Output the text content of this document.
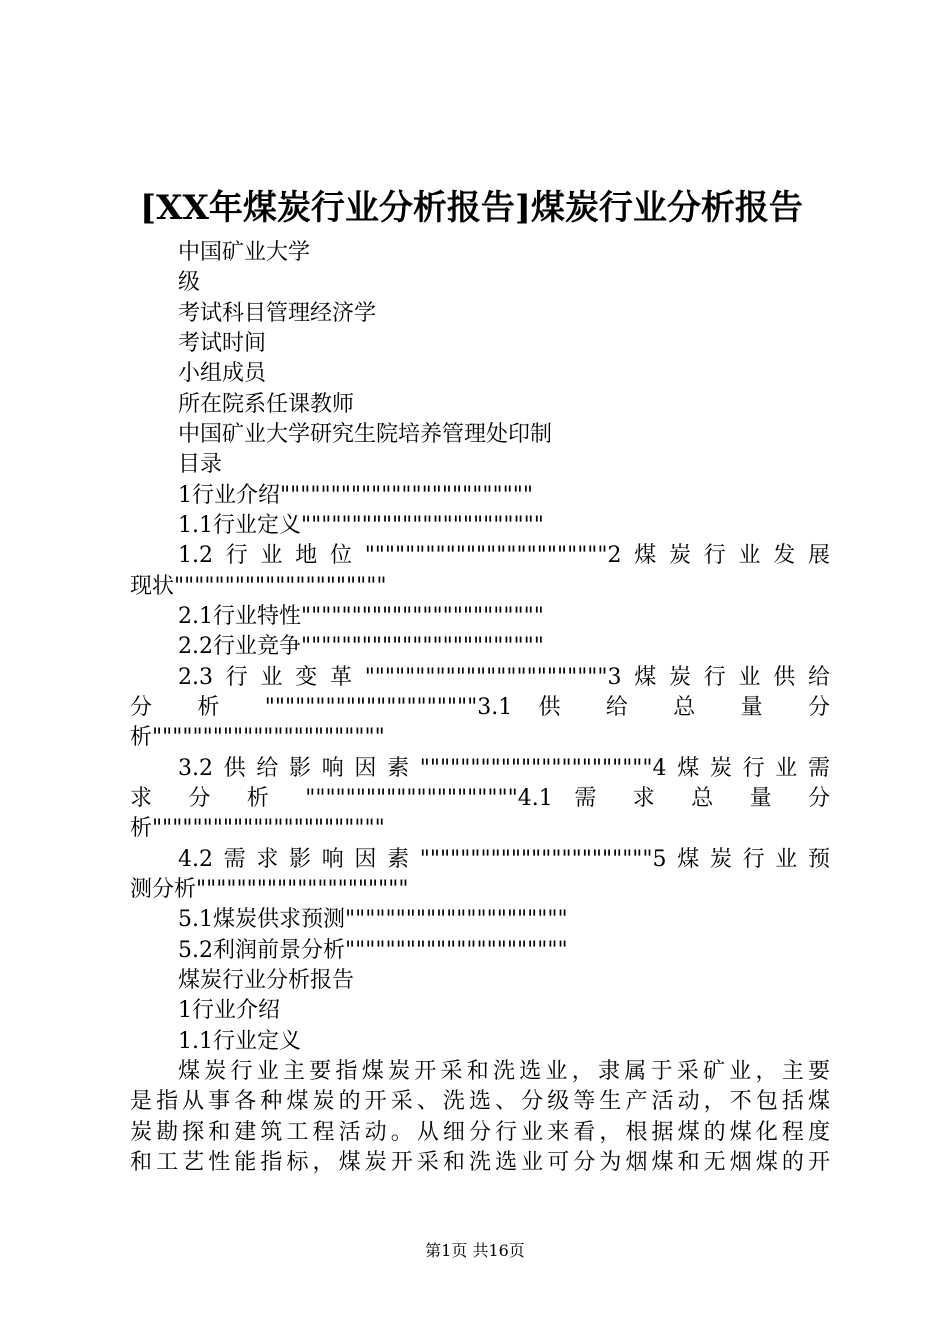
[XX年煤炭行业分析报告]煤炭行业分析报告
中国矿业大学
级
考试科目管理经济学
考试时间
小组成员
所在院系任课教师
中国矿业大学研究生院培养管理处印制
目录
1行业介绍"""""""""""""""""""""""""
1.1行业定义""""""""""""""""""""""""
1.2行业地位""""""""""""""""""""""""2煤炭行业发展
现状"""""""""""""""""""""
2.1行业特性""""""""""""""""""""""""
2.2行业竞争""""""""""""""""""""""""
2.3行业变革""""""""""""""""""""""""3煤炭行业供给
分 析 """""""""""""""""""""3.1 供 给 总 量 分
析"""""""""""""""""""""""
3.2供给影响因素"""""""""""""""""""""""4煤炭行业需
求 分 析 """""""""""""""""""""4.1 需 求 总 量 分
析"""""""""""""""""""""""
4.2需求影响因素"""""""""""""""""""""""5煤炭行业预
测分析"""""""""""""""""""""
5.1煤炭供求预测""""""""""""""""""""""
5.2利润前景分析""""""""""""""""""""""
煤炭行业分析报告
1行业介绍
1.1行业定义
煤炭行业主要指煤炭开采和洗选业，隶属于采矿业，主要
是指从事各种煤炭的开采、洗选、分级等生产活动，不包括煤
炭勘探和建筑工程活动。从细分行业来看，根据煤的煤化程度
和工艺性能指标，煤炭开采和洗选业可分为烟煤和无烟煤的开
第1页 共16页
